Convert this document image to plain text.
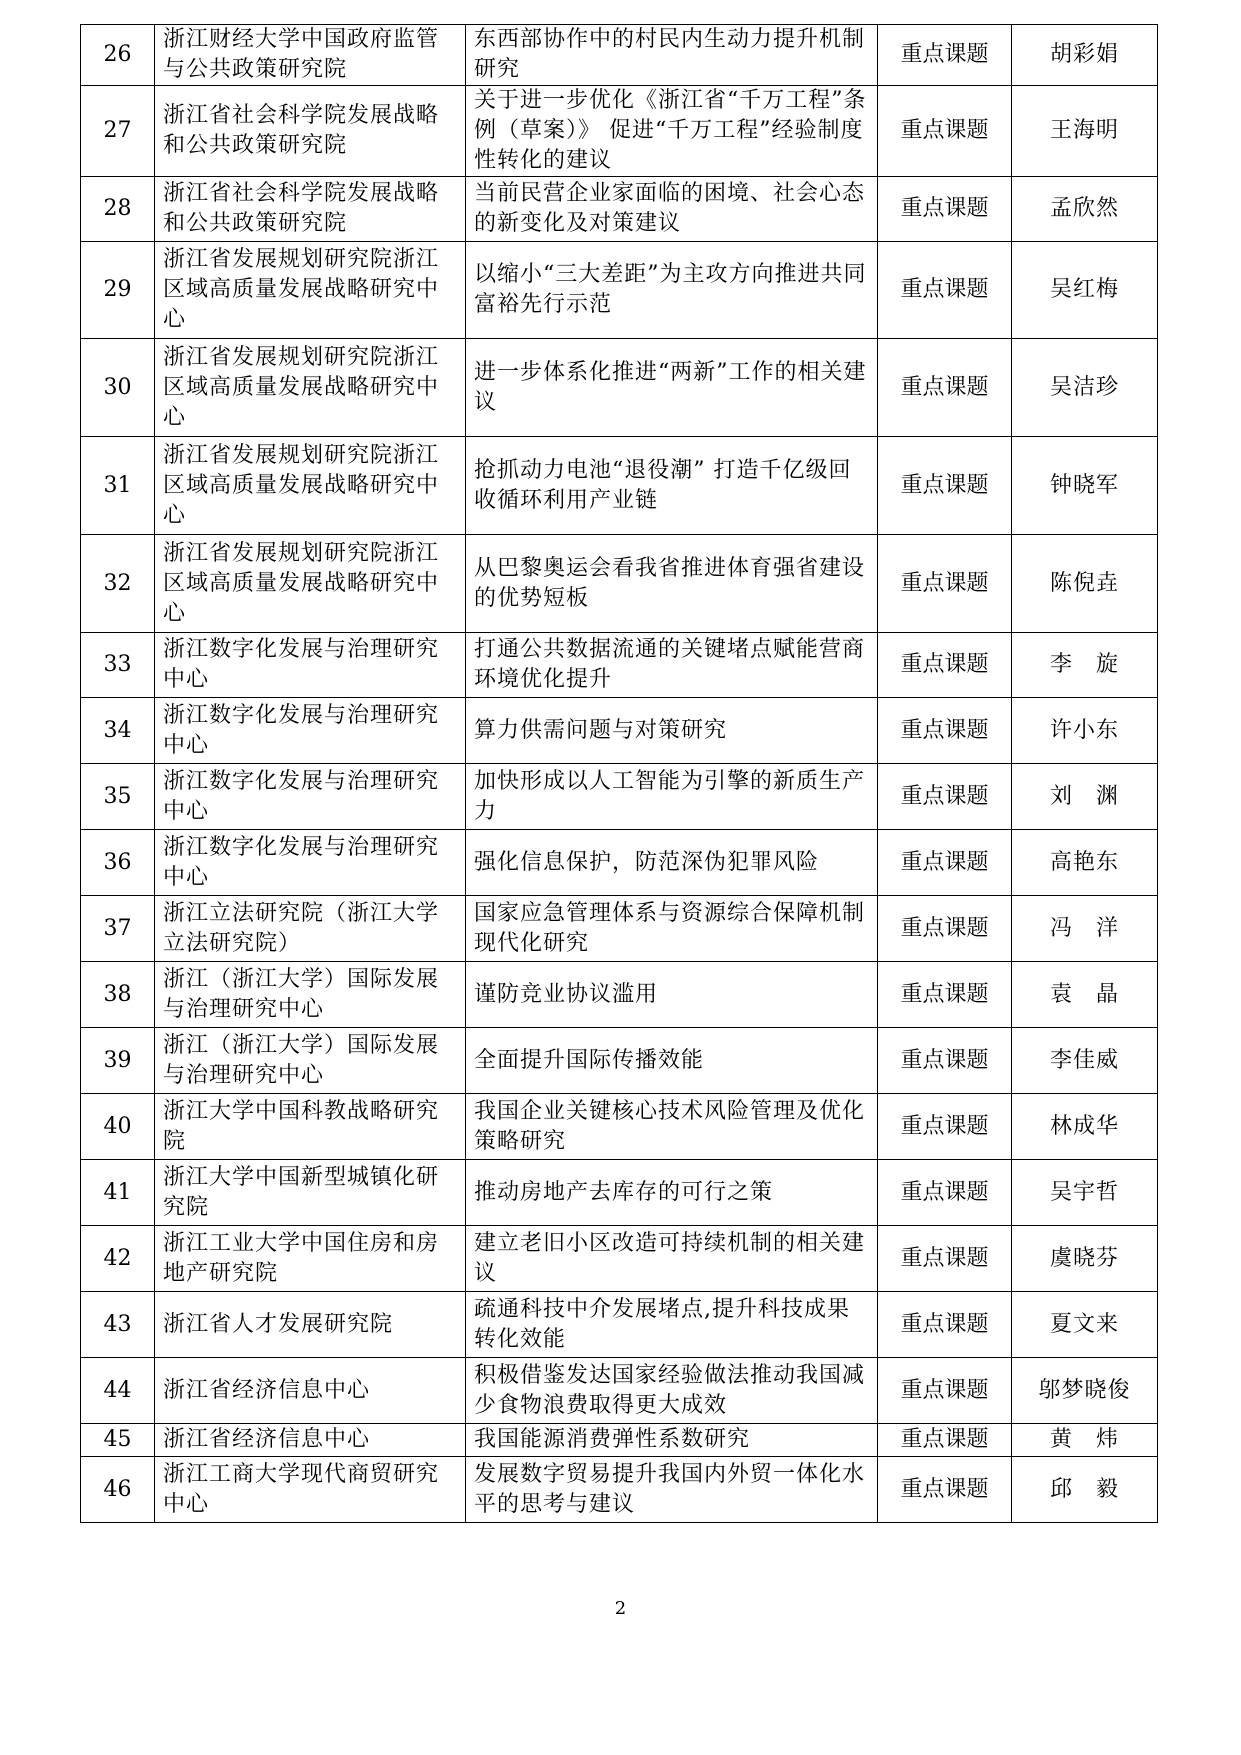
26	浙江财经大学中国政府监管与公共政策研究院	东西部协作中的村民内生动力提升机制研究	重点课题	胡彩娟
27	浙江省社会科学院发展战略和公共政策研究院	关于进一步优化《浙江省“千万工程”条例（草案）》 促进“千万工程”经验制度性转化的建议	重点课题	王海明
28	浙江省社会科学院发展战略和公共政策研究院	当前民营企业家面临的困境、社会心态的新变化及对策建议	重点课题	孟欣然
29	浙江省发展规划研究院浙江区域高质量发展战略研究中心	以缩小“三大差距”为主攻方向推进共同富裕先行示范	重点课题	吴红梅
30	浙江省发展规划研究院浙江区域高质量发展战略研究中心	进一步体系化推进“两新”工作的相关建议	重点课题	吴洁珍
31	浙江省发展规划研究院浙江区域高质量发展战略研究中心	抢抓动力电池“退役潮” 打造千亿级回收循环利用产业链	重点课题	钟晓军
32	浙江省发展规划研究院浙江区域高质量发展战略研究中心	从巴黎奥运会看我省推进体育强省建设的优势短板	重点课题	陈倪垚
33	浙江数字化发展与治理研究中心	打通公共数据流通的关键堵点赋能营商环境优化提升	重点课题	李　旋
34	浙江数字化发展与治理研究中心	算力供需问题与对策研究	重点课题	许小东
35	浙江数字化发展与治理研究中心	加快形成以人工智能为引擎的新质生产力	重点课题	刘　渊
36	浙江数字化发展与治理研究中心	强化信息保护，防范深伪犯罪风险	重点课题	高艳东
37	浙江立法研究院（浙江大学立法研究院）	国家应急管理体系与资源综合保障机制现代化研究	重点课题	冯　洋
38	浙江（浙江大学）国际发展与治理研究中心	谨防竞业协议滥用	重点课题	袁　晶
39	浙江（浙江大学）国际发展与治理研究中心	全面提升国际传播效能	重点课题	李佳威
40	浙江大学中国科教战略研究院	我国企业关键核心技术风险管理及优化策略研究	重点课题	林成华
41	浙江大学中国新型城镇化研究院	推动房地产去库存的可行之策	重点课题	吴宇哲
42	浙江工业大学中国住房和房地产研究院	建立老旧小区改造可持续机制的相关建议	重点课题	虞晓芬
43	浙江省人才发展研究院	疏通科技中介发展堵点,提升科技成果转化效能	重点课题	夏文来
44	浙江省经济信息中心	积极借鉴发达国家经验做法推动我国减少食物浪费取得更大成效	重点课题	邬梦晓俊
45	浙江省经济信息中心	我国能源消费弹性系数研究	重点课题	黄　炜
46	浙江工商大学现代商贸研究中心	发展数字贸易提升我国内外贸一体化水平的思考与建议	重点课题	邱　毅
2
